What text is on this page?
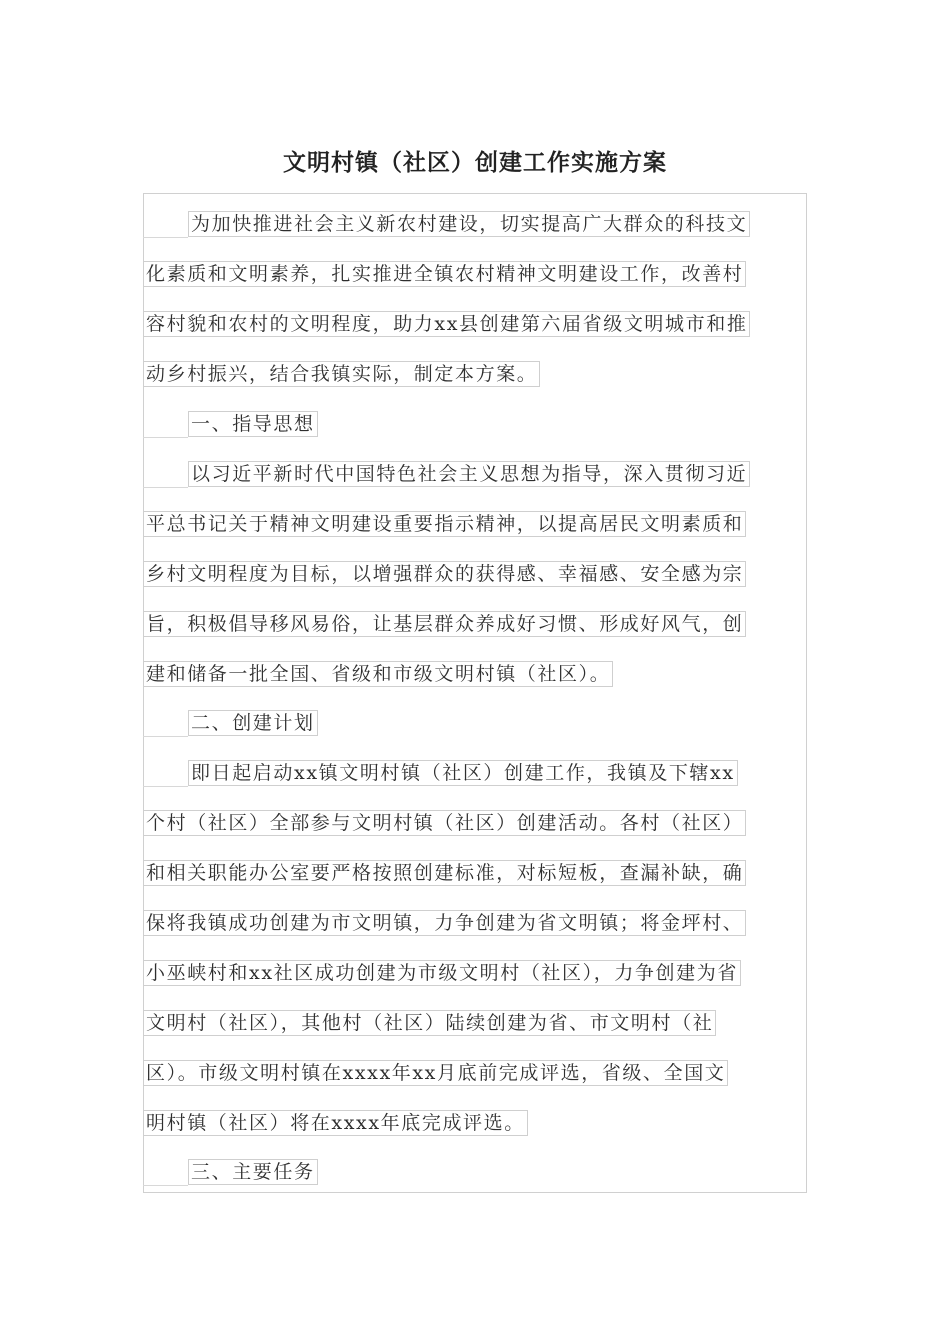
文明村镇（社区）创建工作实施方案
为加快推进社会主义新农村建设，切实提高广大群众的科技文
化素质和文明素养，扎实推进全镇农村精神文明建设工作，改善村
容村貌和农村的文明程度，助力xx县创建第六届省级文明城市和推
动乡村振兴，结合我镇实际，制定本方案。
一、指导思想
以习近平新时代中国特色社会主义思想为指导，深入贯彻习近
平总书记关于精神文明建设重要指示精神，以提高居民文明素质和
乡村文明程度为目标，以增强群众的获得感、幸福感、安全感为宗
旨，积极倡导移风易俗，让基层群众养成好习惯、形成好风气，创
建和储备一批全国、省级和市级文明村镇（社区）。
二、创建计划
即日起启动xx镇文明村镇（社区）创建工作，我镇及下辖xx
个村（社区）全部参与文明村镇（社区）创建活动。各村（社区）
和相关职能办公室要严格按照创建标准，对标短板，查漏补缺，确
保将我镇成功创建为市文明镇，力争创建为省文明镇；将金坪村、
小巫峡村和xx社区成功创建为市级文明村（社区），力争创建为省
文明村（社区），其他村（社区）陆续创建为省、市文明村（社
区）。市级文明村镇在xxxx年xx月底前完成评选，省级、全国文
明村镇（社区）将在xxxx年底完成评选。
三、主要任务
